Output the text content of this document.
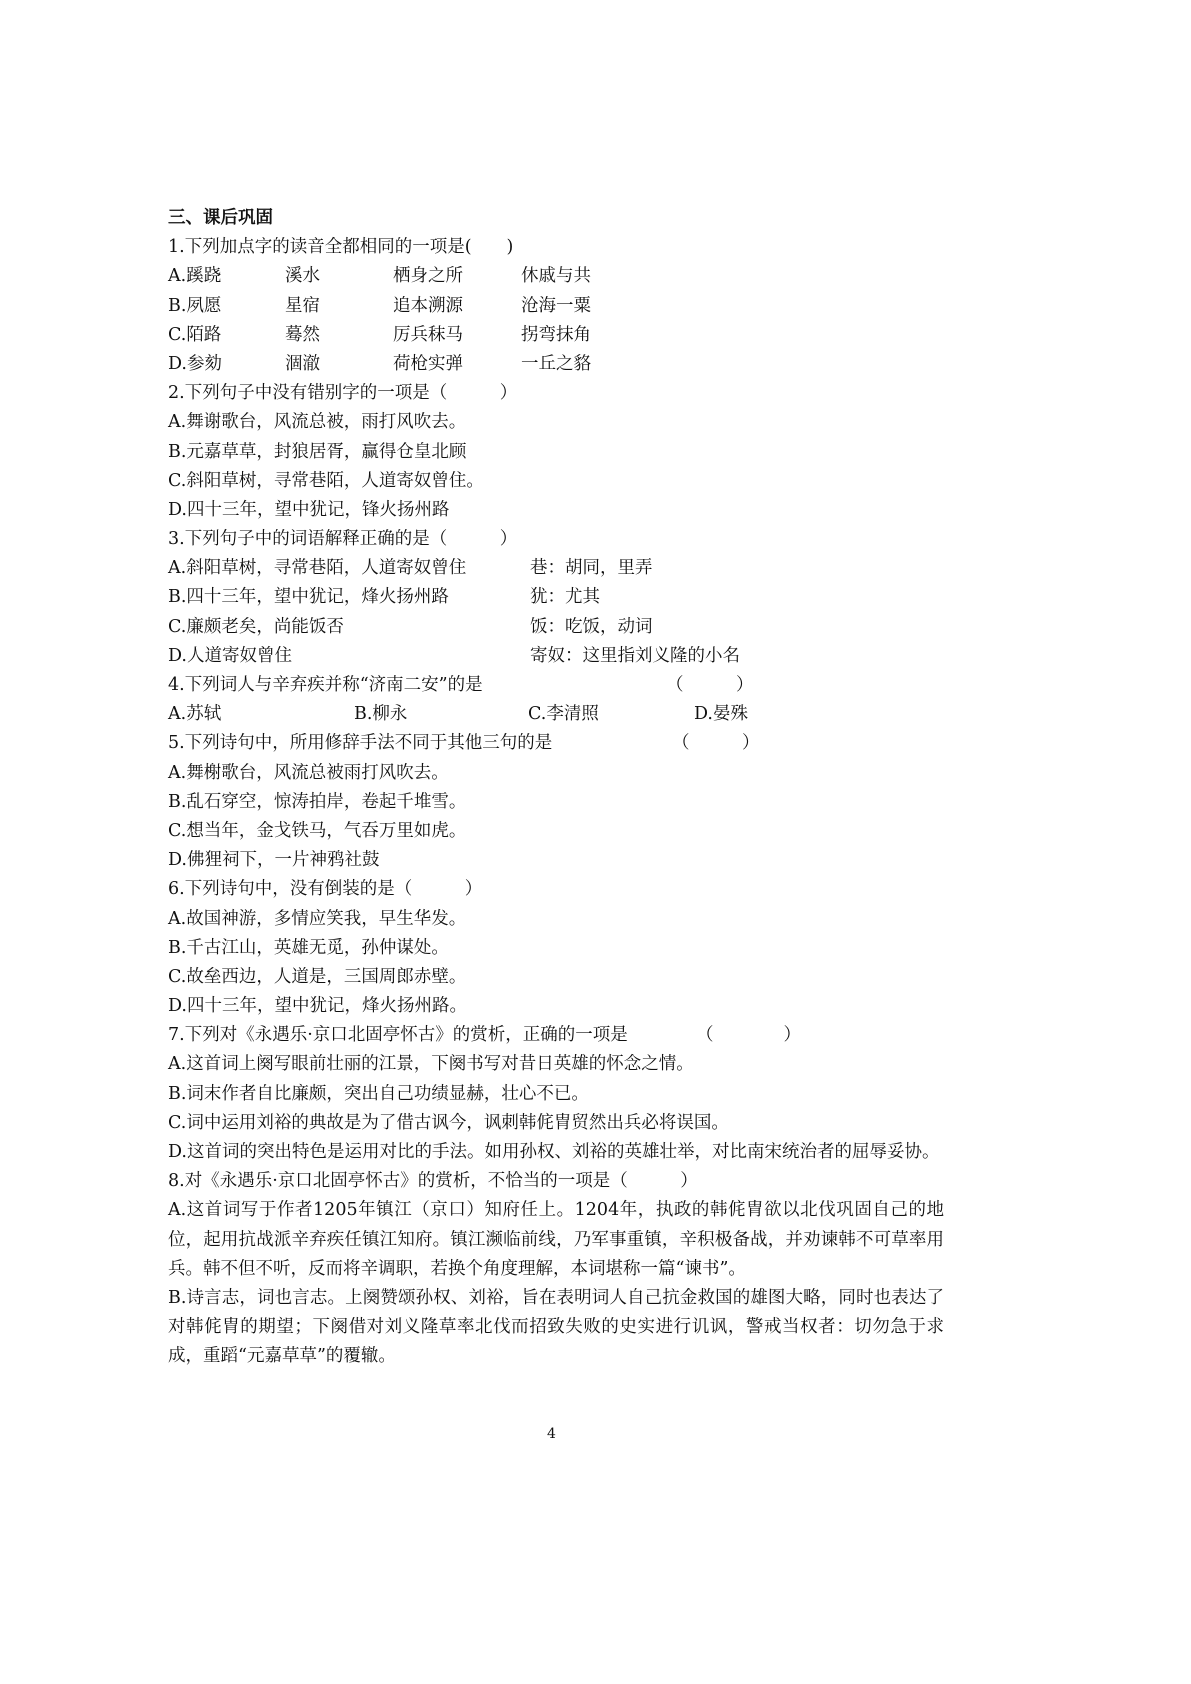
三、课后巩固
1.下列加点字的读音全都相同的一项是(　　)
A.蹊跷	溪水	栖身之所	休戚与共
B.夙愿	星宿	追本溯源	沧海一粟
C.陌路	蓦然	厉兵秣马	拐弯抹角
D.参劾	涸澈	荷枪实弹	一丘之貉
2.下列句子中没有错别字的一项是（　　　）
A.舞谢歌台，风流总被，雨打风吹去。
B.元嘉草草，封狼居胥，赢得仓皇北顾
C.斜阳草树，寻常巷陌，人道寄奴曾住。
D.四十三年，望中犹记，锋火扬州路
3.下列句子中的词语解释正确的是（　　　）
A.斜阳草树，寻常巷陌，人道寄奴曾住	巷：胡同，里弄
B.四十三年，望中犹记，烽火扬州路	犹：尤其
C.廉颇老矣，尚能饭否	饭：吃饭，动词
D.人道寄奴曾住	寄奴：这里指刘义隆的小名
4.下列词人与辛弃疾并称“济南二安”的是	（　　　）
A.苏轼	B.柳永	C.李清照	D.晏殊
5.下列诗句中，所用修辞手法不同于其他三句的是	（　　　）
A.舞榭歌台，风流总被雨打风吹去。
B.乱石穿空，惊涛拍岸，卷起千堆雪。
C.想当年，金戈铁马，气吞万里如虎。
D.佛狸祠下，一片神鸦社鼓
6.下列诗句中，没有倒装的是（　　　）
A.故国神游，多情应笑我，早生华发。
B.千古江山，英雄无觅，孙仲谋处。
C.故垒西边，人道是，三国周郎赤壁。
D.四十三年，望中犹记，烽火扬州路。
7.下列对《永遇乐·京口北固亭怀古》的赏析，正确的一项是	（　　　　）
A.这首词上阕写眼前壮丽的江景，下阕书写对昔日英雄的怀念之情。
B.词末作者自比廉颇，突出自己功绩显赫，壮心不已。
C.词中运用刘裕的典故是为了借古讽今，讽刺韩侂胄贸然出兵必将误国。
D.这首词的突出特色是运用对比的手法。如用孙权、刘裕的英雄壮举，对比南宋统治者的屈辱妥协。
8.对《永遇乐·京口北固亭怀古》的赏析，不恰当的一项是（　　　）
A.这首词写于作者1205年镇江（京口）知府任上。1204年，执政的韩侂胄欲以北伐巩固自己的地位，起用抗战派辛弃疾任镇江知府。镇江濒临前线，乃军事重镇，辛积极备战，并劝谏韩不可草率用兵。韩不但不听，反而将辛调职，若换个角度理解，本词堪称一篇“谏书”。
B.诗言志，词也言志。上阕赞颂孙权、刘裕，旨在表明词人自己抗金救国的雄图大略，同时也表达了对韩侂胄的期望；下阕借对刘义隆草率北伐而招致失败的史实进行讥讽，警戒当权者：切勿急于求成，重蹈“元嘉草草”的覆辙。
4
